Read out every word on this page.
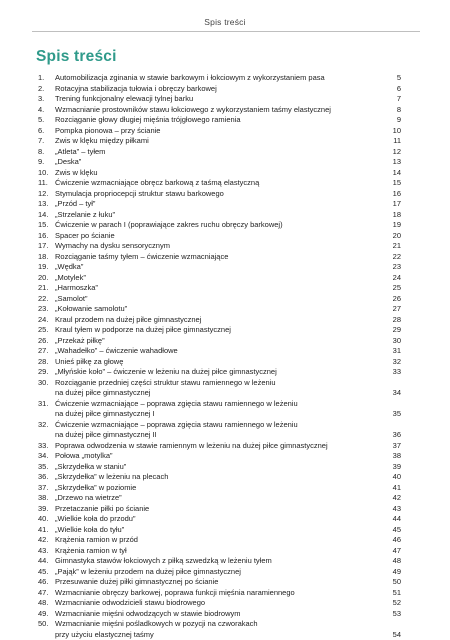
Spis treści
Spis treści
1.	Automobilizacja zginania w stawie barkowym i łokciowym z wykorzystaniem pasa	5
2.	Rotacyjna stabilizacja tułowia i obręczy barkowej	6
3.	Trening funkcjonalny elewacji tylnej barku	7
4.	Wzmacnianie prostowników stawu łokciowego z wykorzystaniem taśmy elastycznej	8
5.	Rozciąganie głowy długiej mięśnia trójgłowego ramienia	9
6.	Pompka pionowa – przy ścianie	10
7.	Zwis w klęku między piłkami	11
8.	„Atleta” – tyłem	12
9.	„Deska”	13
10. Zwis w klęku	14
11. Ćwiczenie wzmacniające obręcz barkową z taśmą elastyczną	15
12. Stymulacja propriocepcji struktur stawu barkowego	16
13. „Przód – tył”	17
14. „Strzelanie z łuku”	18
15. Ćwiczenie w parach I (poprawiające zakres ruchu obręczy barkowej)	19
16. Spacer po ścianie	20
17. Wymachy na dysku sensorycznym	21
18. Rozciąganie taśmy tyłem – ćwiczenie wzmacniające	22
19. „Wędka”	23
20. „Motylek”	24
21. „Harmoszka”	25
22. „Samolot”	26
23. „Kołowanie samolotu”	27
24. Kraul przodem na dużej piłce gimnastycznej	28
25. Kraul tyłem w podporze na dużej piłce gimnastycznej	29
26. „Przekaż piłkę”	30
27. „Wahadełko” – ćwiczenie wahadłowe	31
28. Unieś piłkę za głowę	32
29. „Młyńskie koło” – ćwiczenie w leżeniu na dużej piłce gimnastycznej	33
30. Rozciąganie przedniej części struktur stawu ramiennego w leżeniu
na dużej piłce gimnastycznej	34
31. Ćwiczenie wzmacniające – poprawa zgięcia stawu ramiennego w leżeniu
na dużej piłce gimnastycznej I	35
32. Ćwiczenie wzmacniające – poprawa zgięcia stawu ramiennego w leżeniu
na dużej piłce gimnastycznej II	36
33. Poprawa odwodzenia w stawie ramiennym w leżeniu na dużej piłce gimnastycznej	37
34. Połowa „motylka”	38
35. „Skrzydełka w staniu”	39
36. „Skrzydełka” w leżeniu na plecach	40
37. „Skrzydełka” w poziomie	41
38. „Drzewo na wietrze”	42
39. Przetaczanie piłki po ścianie	43
40. „Wielkie koła do przodu”	44
41. „Wielkie koła do tyłu”	45
42. Krążenia ramion w przód	46
43. Krążenia ramion w tył	47
44. Gimnastyka stawów łokciowych z piłką szwedzką w leżeniu tyłem	48
45. „Pająk” w leżeniu przodem na dużej piłce gimnastycznej	49
46. Przesuwanie dużej piłki gimnastycznej po ścianie	50
47. Wzmacnianie obręczy barkowej, poprawa funkcji mięśnia naramiennego	51
48. Wzmacnianie odwodzicieli stawu biodrowego	52
49. Wzmacnianie mięśni odwodzących w stawie biodrowym	53
50. Wzmacnianie mięśni pośladkowych w pozycji na czworakach
przy użyciu elastycznej taśmy	54
